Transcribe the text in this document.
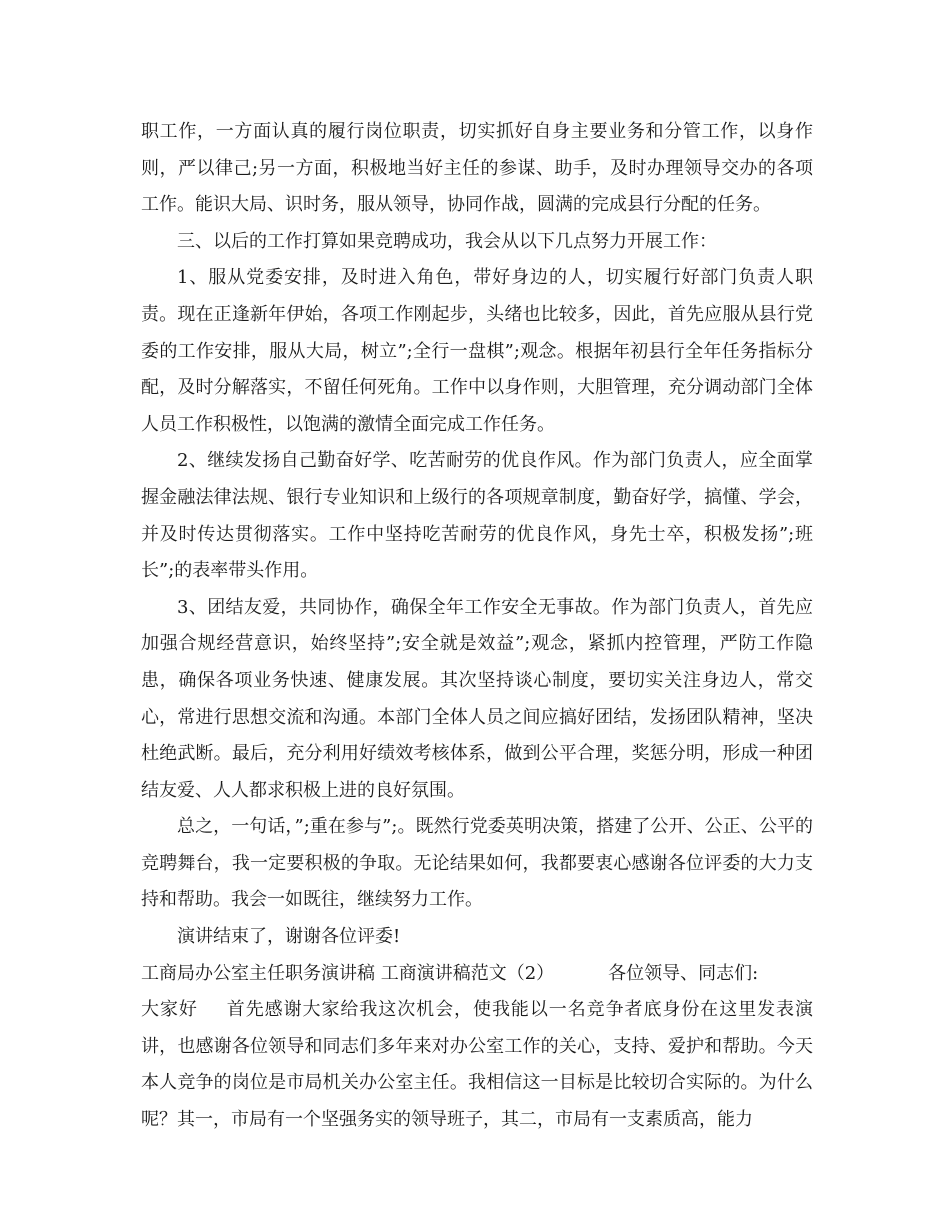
职工作，一方面认真的履行岗位职责，切实抓好自身主要业务和分管工作，以身作则，严以律己;另一方面，积极地当好主任的参谋、助手，及时办理领导交办的各项工作。能识大局、识时务，服从领导，协同作战，圆满的完成县行分配的任务。

三、以后的工作打算如果竞聘成功，我会从以下几点努力开展工作：

1、服从党委安排，及时进入角色，带好身边的人，切实履行好部门负责人职责。现在正逢新年伊始，各项工作刚起步，头绪也比较多，因此，首先应服从县行党委的工作安排，服从大局，树立”;全行一盘棋”;观念。根据年初县行全年任务指标分配，及时分解落实，不留任何死角。工作中以身作则，大胆管理，充分调动部门全体人员工作积极性，以饱满的激情全面完成工作任务。

2、继续发扬自己勤奋好学、吃苦耐劳的优良作风。作为部门负责人，应全面掌握金融法律法规、银行专业知识和上级行的各项规章制度，勤奋好学，搞懂、学会，并及时传达贯彻落实。工作中坚持吃苦耐劳的优良作风，身先士卒，积极发扬”;班长”;的表率带头作用。

3、团结友爱，共同协作，确保全年工作安全无事故。作为部门负责人，首先应加强合规经营意识，始终坚持”;安全就是效益”;观念，紧抓内控管理，严防工作隐患，确保各项业务快速、健康发展。其次坚持谈心制度，要切实关注身边人，常交心，常进行思想交流和沟通。本部门全体人员之间应搞好团结，发扬团队精神，坚决杜绝武断。最后，充分利用好绩效考核体系，做到公平合理，奖惩分明，形成一种团结友爱、人人都求积极上进的良好氛围。

总之，一句话，”;重在参与”;。既然行党委英明决策，搭建了公开、公正、公平的竞聘舞台，我一定要积极的争取。无论结果如何，我都要衷心感谢各位评委的大力支持和帮助。我会一如既往，继续努力工作。

演讲结束了，谢谢各位评委!

工商局办公室主任职务演讲稿 工商演讲稿范文（2）	各位领导、同志们:

大家好 首先感谢大家给我这次机会，使我能以一名竞争者底身份在这里发表演讲，也感谢各位领导和同志们多年来对办公室工作的关心，支持、爱护和帮助。今天本人竞争的岗位是市局机关办公室主任。我相信这一目标是比较切合实际的。为什么呢？其一，市局有一个坚强务实的领导班子，其二，市局有一支素质高，能力
